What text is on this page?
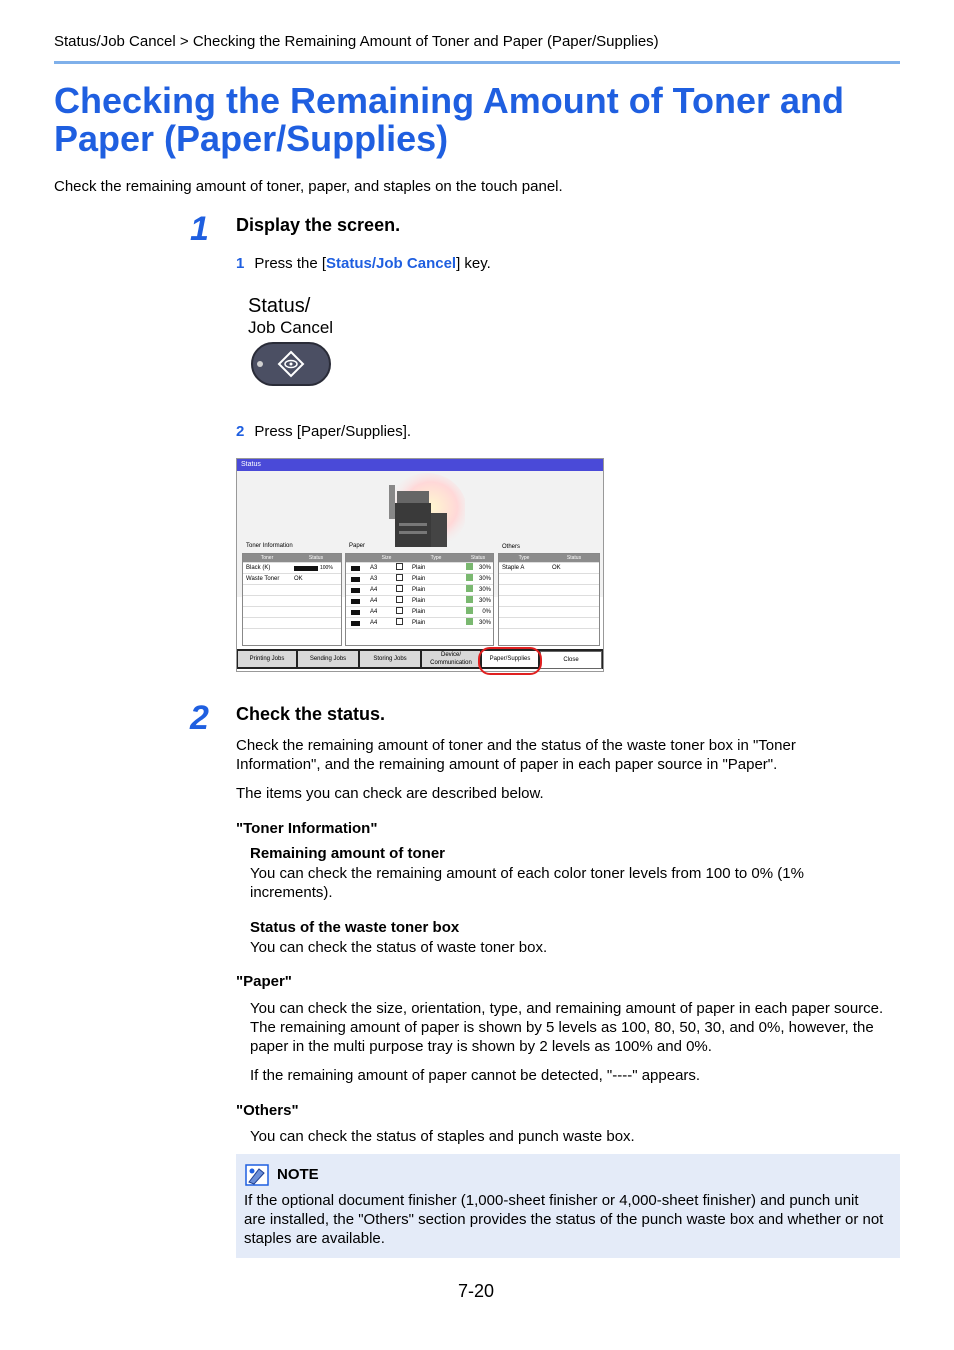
Status/Job Cancel > Checking the Remaining Amount of Toner and Paper (Paper/Supplies)
Checking the Remaining Amount of Toner and Paper (Paper/Supplies)
Check the remaining amount of toner, paper, and staples on the touch panel.
1 Display the screen.
1 Press the [Status/Job Cancel] key.
Status/
Job Cancel
2 Press [Paper/Supplies].
Status
Toner Information	Paper	Others
Toner	Status
Black (K)	100%
Waste Toner	OK
Size	Type	Status
A3	Plain	30%
A3	Plain	30%
A4	Plain	30%
A4	Plain	30%
A4	Plain	0%
A4	Plain	30%
Type	Status
Staple A	OK
Printing Jobs	Sending Jobs	Storing Jobs
Device/ Communication
Paper/Supplies	Close
2 Check the status.
Check the remaining amount of toner and the status of the waste toner box in "Toner Information", and the remaining amount of paper in each paper source in "Paper".
The items you can check are described below.
"Toner Information"
Remaining amount of toner
You can check the remaining amount of each color toner levels from 100 to 0% (1% increments).
Status of the waste toner box
You can check the status of waste toner box.
"Paper"
You can check the size, orientation, type, and remaining amount of paper in each paper source. The remaining amount of paper is shown by 5 levels as 100, 80, 50, 30, and 0%, however, the paper in the multi purpose tray is shown by 2 levels as 100% and 0%.
If the remaining amount of paper cannot be detected, "----" appears.
"Others"
You can check the status of staples and punch waste box.
NOTE
If the optional document finisher (1,000-sheet finisher or 4,000-sheet finisher) and punch unit are installed, the "Others" section provides the status of the punch waste box and whether or not staples are available.
7-20
